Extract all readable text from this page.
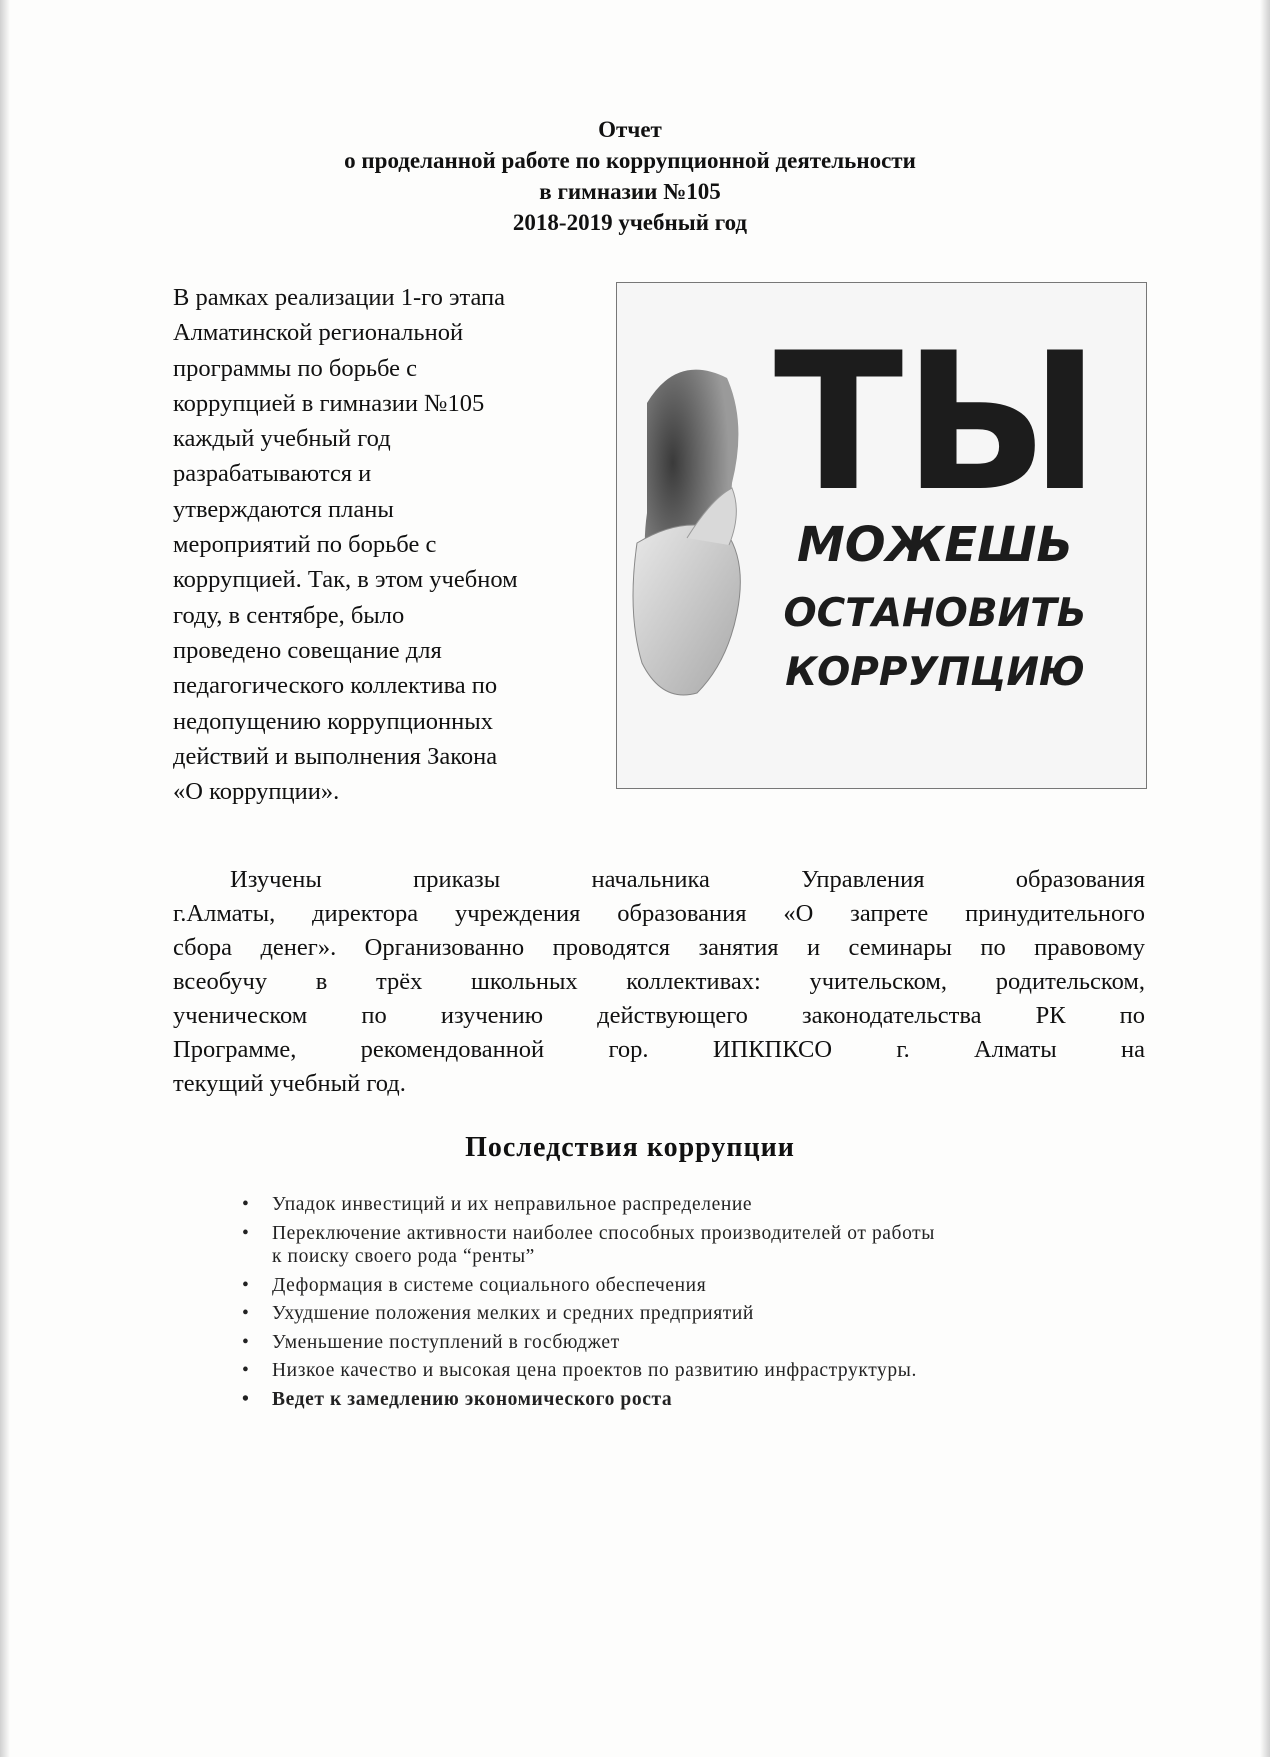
Отчет
о проделанной работе по коррупционной деятельности
в гимназии №105
2018-2019 учебный год
В рамках реализации 1-го этапа
Алматинской региональной
программы по борьбе с
коррупцией в гимназии №105
каждый учебный год
разрабатываются и
утверждаются планы
мероприятий по борьбе с
коррупцией. Так, в этом учебном
году, в сентябре, было
проведено совещание для
педагогического коллектива по
недопущению коррупционных
действий и выполнения Закона
«О коррупции».
ТЫ
МОЖЕШЬ
ОСТАНОВИТЬ
КОРРУПЦИЮ
Изучены приказы начальника Управления образования
г.Алматы, директора учреждения образования «О запрете принудительного
сбора денег». Организованно проводятся занятия и семинары по правовому
всеобучу в трёх школьных коллективах: учительском, родительском,
ученическом по изучению действующего законодательства РК по
Программе, рекомендованной гор. ИПКПКСО г. Алматы на
текущий учебный год.
Последствия коррупции
• Упадок инвестиций и их неправильное распределение
• Переключение активности наиболее способных производителей от работы к поиску своего рода “ренты”
• Деформация в системе социального обеспечения
• Ухудшение положения мелких и средних предприятий
• Уменьшение поступлений в госбюджет
• Низкое качество и высокая цена проектов по развитию инфраструктуры.
• Ведет к замедлению экономического роста
